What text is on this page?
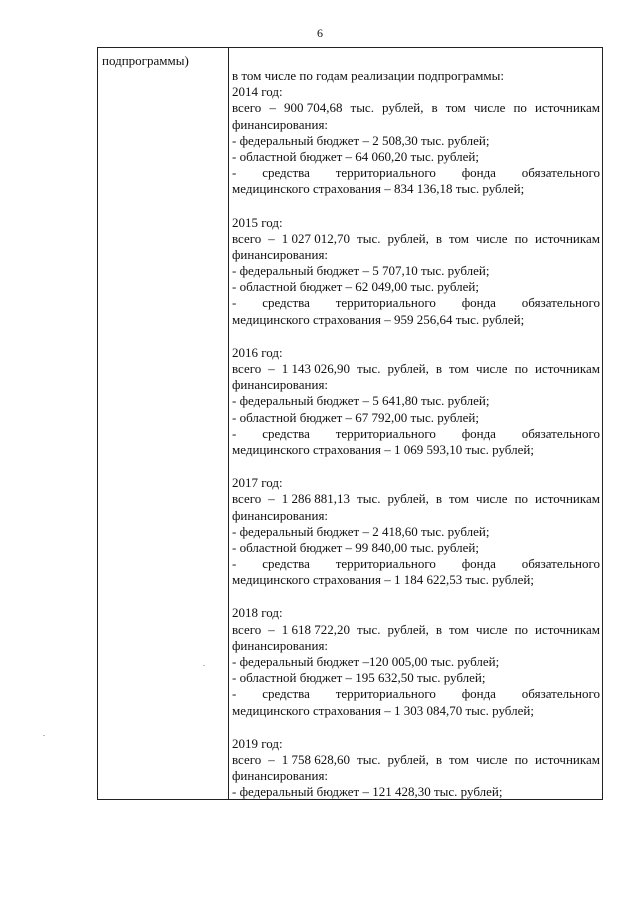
6
подпрограммы)
в том числе по годам реализации подпрограммы:
2014 год:
всего – 900 704,68 тыс. рублей, в том числе по источникам
финансирования:
- федеральный бюджет – 2 508,30 тыс. рублей;
- областной бюджет – 64 060,20 тыс. рублей;
- средства территориального фонда обязательного
медицинского страхования – 834 136,18 тыс. рублей;
2015 год:
всего – 1 027 012,70 тыс. рублей, в том числе по источникам
финансирования:
- федеральный бюджет – 5 707,10 тыс. рублей;
- областной бюджет – 62 049,00 тыс. рублей;
- средства территориального фонда обязательного
медицинского страхования – 959 256,64 тыс. рублей;
2016 год:
всего – 1 143 026,90 тыс. рублей, в том числе по источникам
финансирования:
- федеральный бюджет – 5 641,80 тыс. рублей;
- областной бюджет – 67 792,00 тыс. рублей;
- средства территориального фонда обязательного
медицинского страхования – 1 069 593,10 тыс. рублей;
2017 год:
всего – 1 286 881,13 тыс. рублей, в том числе по источникам
финансирования:
- федеральный бюджет – 2 418,60 тыс. рублей;
- областной бюджет – 99 840,00 тыс. рублей;
- средства территориального фонда обязательного
медицинского страхования – 1 184 622,53 тыс. рублей;
2018 год:
всего – 1 618 722,20 тыс. рублей, в том числе по источникам
финансирования:
- федеральный бюджет –120 005,00 тыс. рублей;
- областной бюджет – 195 632,50 тыс. рублей;
- средства территориального фонда обязательного
медицинского страхования – 1 303 084,70 тыс. рублей;
2019 год:
всего – 1 758 628,60 тыс. рублей, в том числе по источникам
финансирования:
- федеральный бюджет – 121 428,30 тыс. рублей;
